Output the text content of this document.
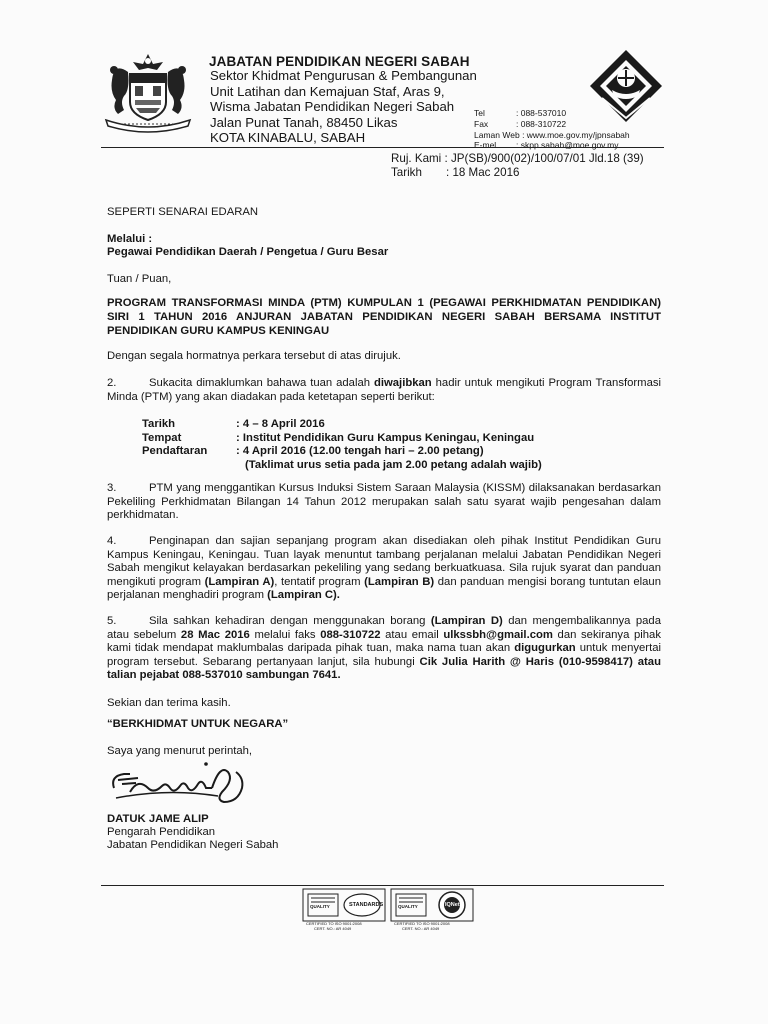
JABATAN PENDIDIKAN NEGERI SABAH
Sektor Khidmat Pengurusan & Pembangunan
Unit Latihan dan Kemajuan Staf, Aras 9,
Wisma Jabatan Pendidikan Negeri Sabah
Jalan Punat Tanah, 88450 Likas
KOTA KINABALU, SABAH
Tel	: 088-537010
Fax	: 088-310722
Laman Web : www.moe.gov.my/jpnsabah
E-mel : skpp.sabah@moe.gov.my
Ruj. Kami : JP(SB)/900(02)/100/07/01 Jld.18 (39)
Tarikh : 18 Mac 2016
SEPERTI SENARAI EDARAN
Melalui :
Pegawai Pendidikan Daerah / Pengetua / Guru Besar
Tuan / Puan,
PROGRAM TRANSFORMASI MINDA (PTM) KUMPULAN 1 (PEGAWAI PERKHIDMATAN PENDIDIKAN) SIRI 1 TAHUN 2016 ANJURAN JABATAN PENDIDIKAN NEGERI SABAH BERSAMA INSTITUT PENDIDIKAN GURU KAMPUS KENINGAU
Dengan segala hormatnya perkara tersebut di atas dirujuk.
2.	Sukacita dimaklumkan bahawa tuan adalah diwajibkan hadir untuk mengikuti Program Transformasi Minda (PTM) yang akan diadakan pada ketetapan seperti berikut:
Tarikh	: 4 – 8 April 2016
Tempat	: Institut Pendidikan Guru Kampus Keningau, Keningau
Pendaftaran	: 4 April 2016 (12.00 tengah hari – 2.00 petang)
(Taklimat urus setia pada jam 2.00 petang adalah wajib)
3.	PTM yang menggantikan Kursus Induksi Sistem Saraan Malaysia (KISSM) dilaksanakan berdasarkan Pekeliling Perkhidmatan Bilangan 14 Tahun 2012 merupakan salah satu syarat wajib pengesahan dalam perkhidmatan.
4.	Penginapan dan sajian sepanjang program akan disediakan oleh pihak Institut Pendidikan Guru Kampus Keningau, Keningau. Tuan layak menuntut tambang perjalanan melalui Jabatan Pendidikan Negeri Sabah mengikut kelayakan berdasarkan pekeliling yang sedang berkuatkuasa. Sila rujuk syarat dan panduan mengikuti program (Lampiran A), tentatif program (Lampiran B) dan panduan mengisi borang tuntutan elaun perjalanan menghadiri program (Lampiran C).
5.	Sila sahkan kehadiran dengan menggunakan borang (Lampiran D) dan mengembalikannya pada atau sebelum 28 Mac 2016 melalui faks 088-310722 atau email ulkssbh@gmail.com dan sekiranya pihak kami tidak mendapat maklumbalas daripada pihak tuan, maka nama tuan akan digugurkan untuk menyertai program tersebut. Sebarang pertanyaan lanjut, sila hubungi Cik Julia Harith @ Haris (010-9598417) atau talian pejabat 088-537010 sambungan 7641.
Sekian dan terima kasih.
“BERKHIDMAT UNTUK NEGARA”
Saya yang menurut perintah,
DATUK JAME ALIP
Pengarah Pendidikan
Jabatan Pendidikan Negeri Sabah
QUALITY	STANDARDS	QUALITY	IQNet
CERTIFIED TO ISO 9001:2008
CERT. NO.: AR 4049
CERTIFIED TO ISO 9001:2008
CERT. NO.: AR 4049
